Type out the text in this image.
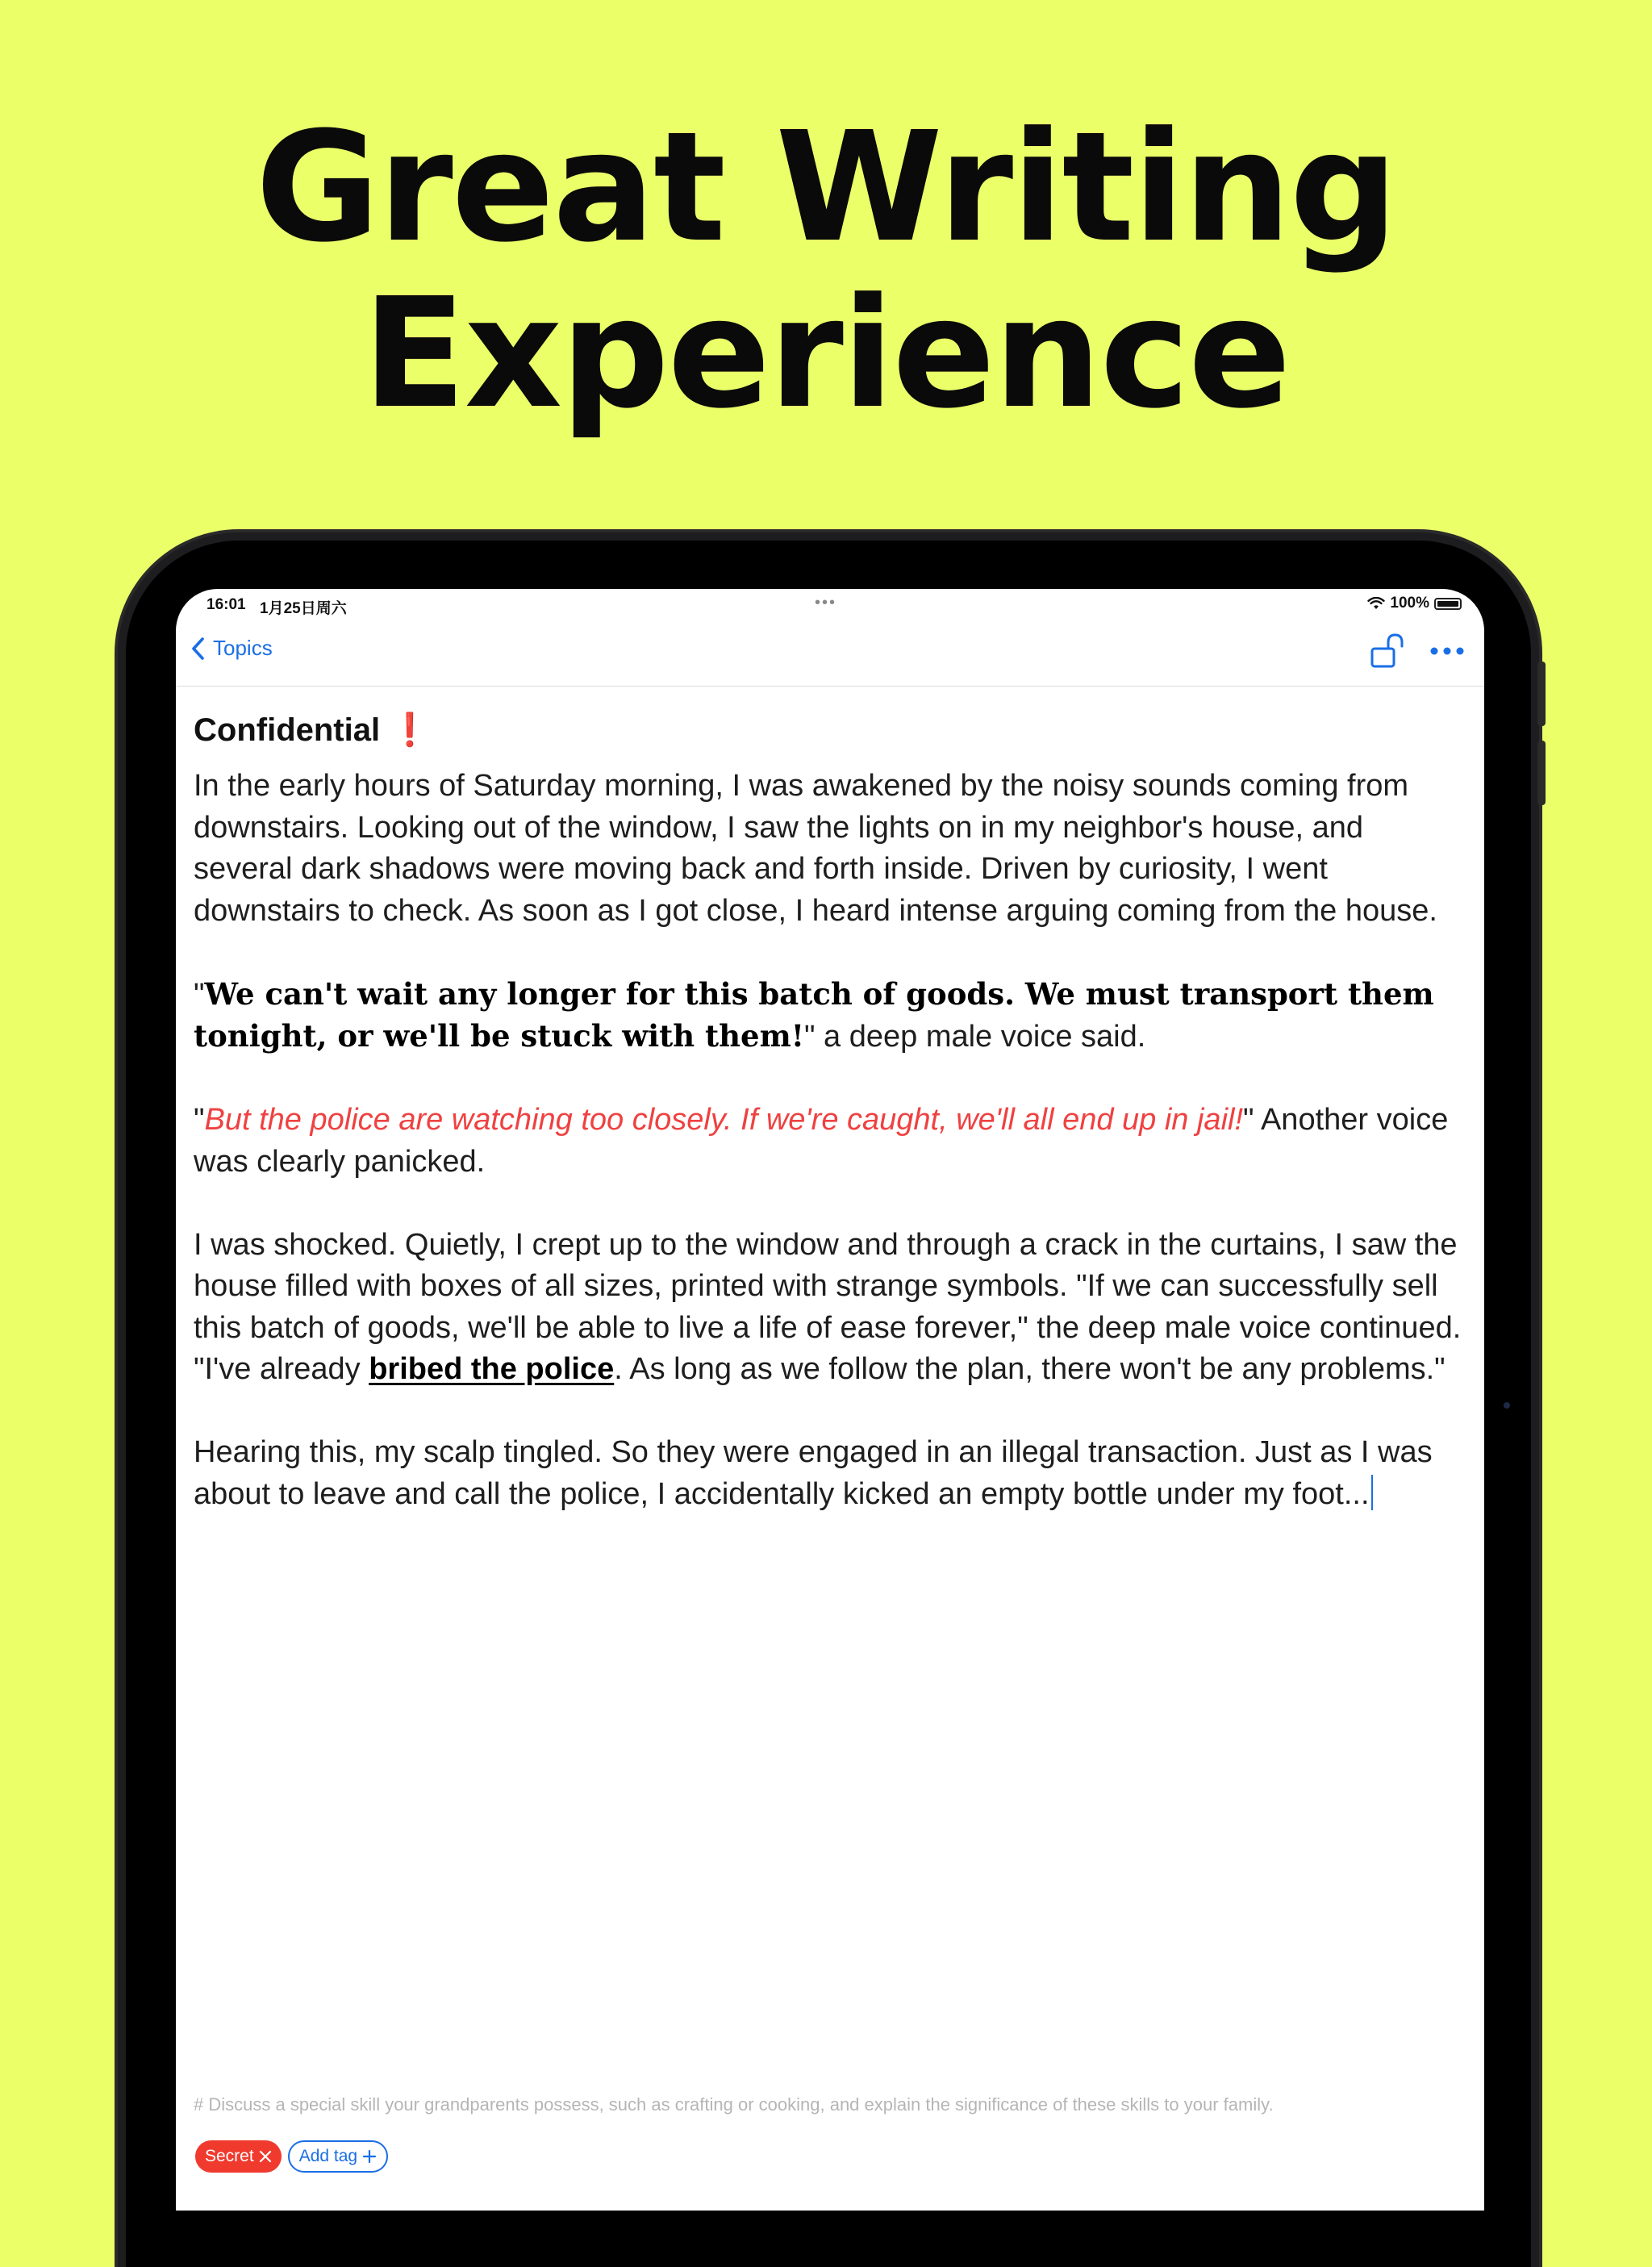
Great Writing
Experience
16:01 1月25日周六	•••	100%
Topics
Confidential ❗

In the early hours of Saturday morning, I was awakened by the noisy sounds coming from downstairs. Looking out of the window, I saw the lights on in my neighbor's house, and several dark shadows were moving back and forth inside. Driven by curiosity, I went downstairs to check. As soon as I got close, I heard intense arguing coming from the house.

"We can't wait any longer for this batch of goods. We must transport them tonight, or we'll be stuck with them!" a deep male voice said.

"But the police are watching too closely. If we're caught, we'll all end up in jail!" Another voice was clearly panicked.

I was shocked. Quietly, I crept up to the window and through a crack in the curtains, I saw the house filled with boxes of all sizes, printed with strange symbols. "If we can successfully sell this batch of goods, we'll be able to live a life of ease forever," the deep male voice continued. "I've already bribed the police. As long as we follow the plan, there won't be any problems."

Hearing this, my scalp tingled. So they were engaged in an illegal transaction. Just as I was about to leave and call the police, I accidentally kicked an empty bottle under my foot...

# Discuss a special skill your grandparents possess, such as crafting or cooking, and explain the significance of these skills to your family.
Secret	Add tag
